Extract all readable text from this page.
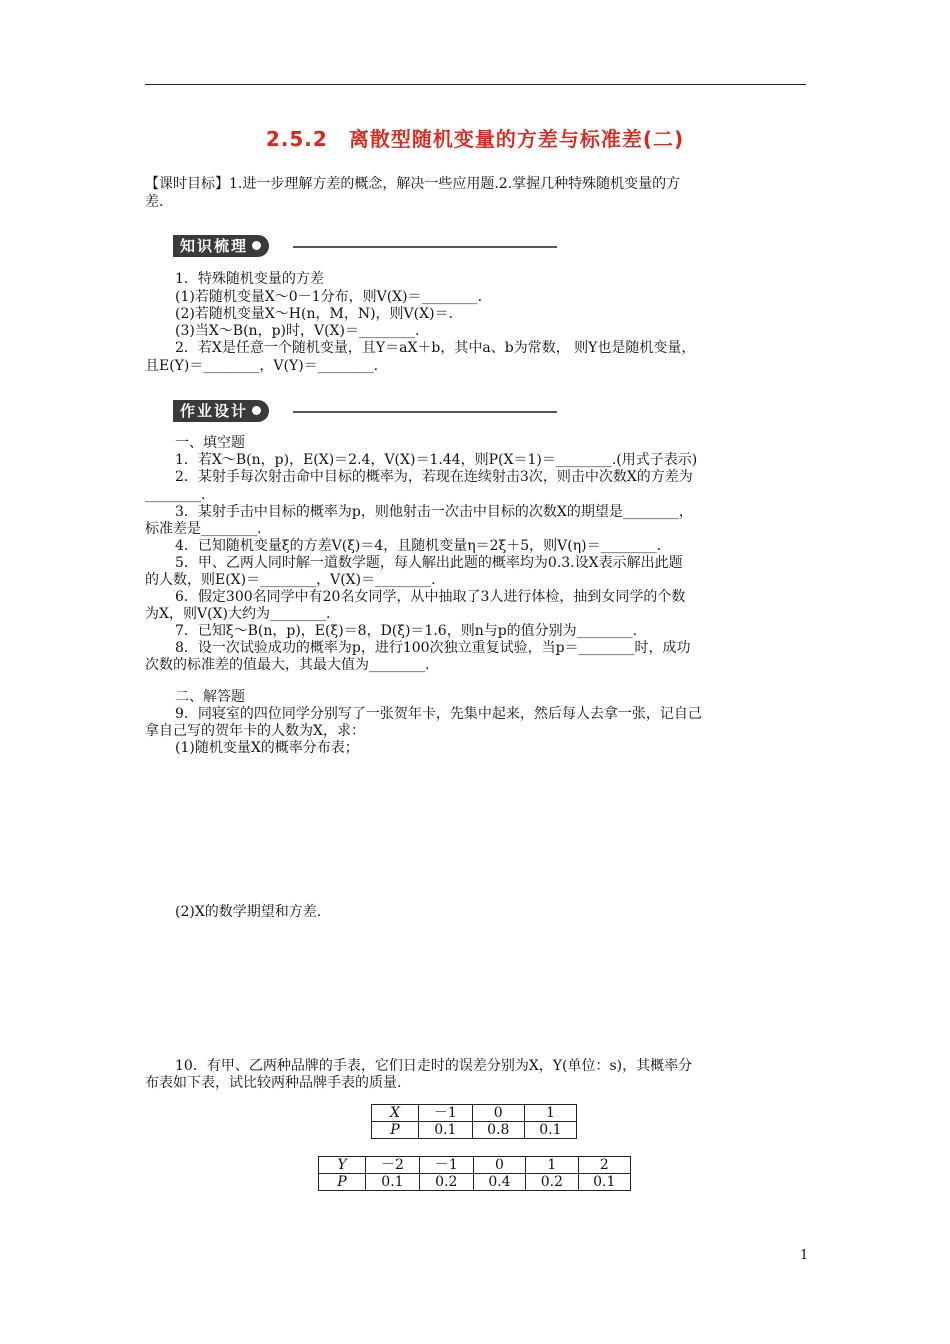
2.5.2　离散型随机变量的方差与标准差(二)
【课时目标】1.进一步理解方差的概念，解决一些应用题.2.掌握几种特殊随机变量的方
差.
知识梳理
1．特殊随机变量的方差
(1)若随机变量X～0－1分布，则V(X)＝________.
(2)若随机变量X～H(n，M，N)，则V(X)＝.
(3)当X～B(n，p)时，V(X)＝________.
2．若X是任意一个随机变量，且Y＝aX＋b，其中a、b为常数， 则Y也是随机变量，
且E(Y)＝________，V(Y)＝________.
作业设计
一、填空题
1．若X～B(n，p)，E(X)＝2.4，V(X)＝1.44，则P(X＝1)＝________.(用式子表示)
2．某射手每次射击命中目标的概率为，若现在连续射击3次，则击中次数X的方差为
________.
3．某射手击中目标的概率为p，则他射击一次击中目标的次数X的期望是________，
标准差是________.
4．已知随机变量ξ的方差V(ξ)＝4，且随机变量η＝2ξ＋5，则V(η)＝________.
5．甲、乙两人同时解一道数学题，每人解出此题的概率均为0.3.设X表示解出此题
的人数，则E(X)＝________，V(X)＝________.
6．假定300名同学中有20名女同学，从中抽取了3人进行体检，抽到女同学的个数
为X，则V(X)大约为________.
7．已知ξ～B(n，p)，E(ξ)＝8，D(ξ)＝1.6，则n与p的值分别为________.
8．设一次试验成功的概率为p，进行100次独立重复试验，当p＝________时，成功
次数的标准差的值最大，其最大值为________.
二、解答题
9．同寝室的四位同学分别写了一张贺年卡，先集中起来，然后每人去拿一张，记自己
拿自己写的贺年卡的人数为X，求：
(1)随机变量X的概率分布表；
(2)X的数学期望和方差.
10．有甲、乙两种品牌的手表，它们日走时的误差分别为X，Y(单位：s)，其概率分
布表如下表，试比较两种品牌手表的质量.
X	－1	0	1
P	0.1	0.8	0.1
Y	－2	－1	0	1	2
P	0.1	0.2	0.4	0.2	0.1
1
